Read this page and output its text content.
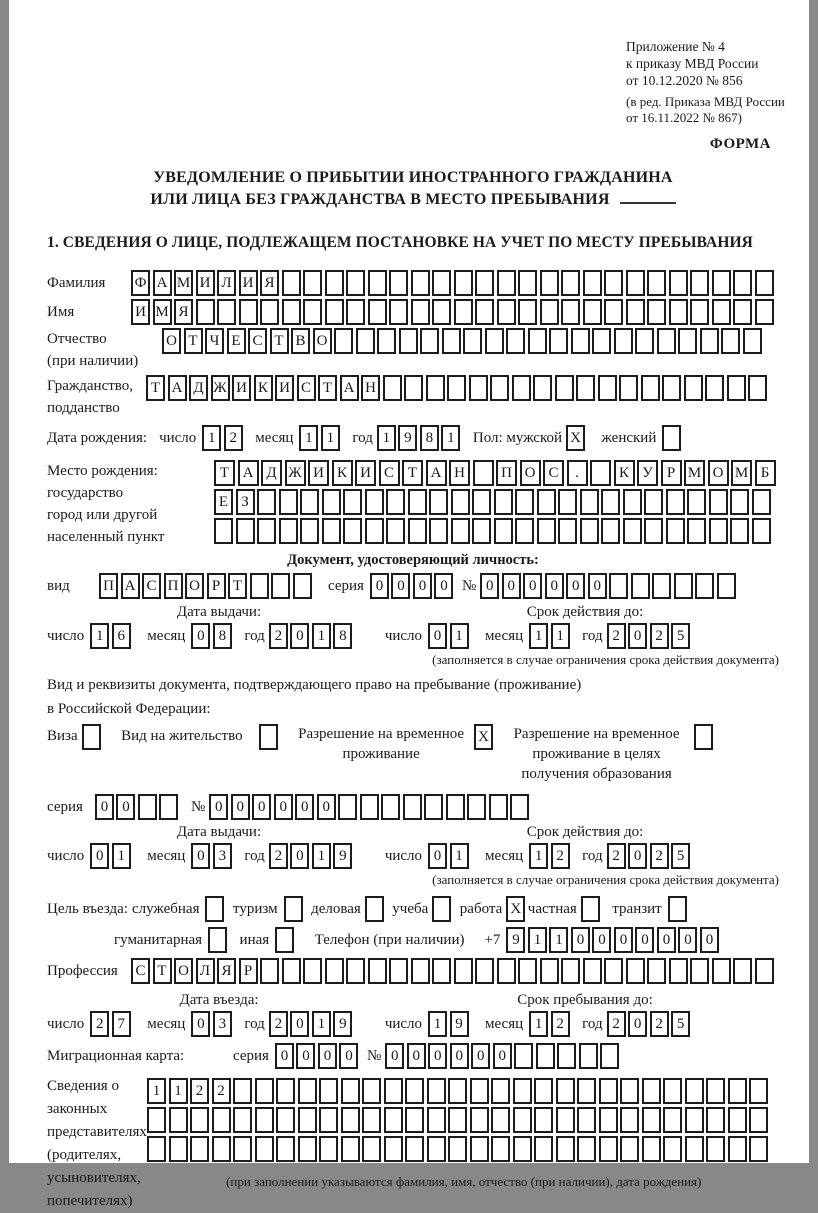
Приложение № 4
к приказу МВД России
от 10.12.2020 № 856
(в ред. Приказа МВД России
от 16.11.2022 № 867)
ФОРМА
УВЕДОМЛЕНИЕ О ПРИБЫТИИ ИНОСТРАННОГО ГРАЖДАНИНА
ИЛИ ЛИЦА БЕЗ ГРАЖДАНСТВА В МЕСТО ПРЕБЫВАНИЯ
1. СВЕДЕНИЯ О ЛИЦЕ, ПОДЛЕЖАЩЕМ ПОСТАНОВКЕ НА УЧЕТ ПО МЕСТУ ПРЕБЫВАНИЯ
Фамилия	Ф А М И Л И Я
Имя	И М Я
Отчество
(при наличии)
О Т Ч Е С Т В О
Гражданство,
подданство
Т А Д Ж И К И С Т А Н
Дата рождения: число 1 2	месяц 1 1	год 1 9 8 1	Пол: мужской X женский
Место рождения:
государство
город или другой
населенный пункт
Т А Д Ж И К И С Т А Н	П О С	.	К У Р М О М Б
Е З
Документ, удостоверяющий личность:
вид	П А С П О Р Т	серия 0 0 0 0 № 0 0 0 0 0 0
Дата выдачи:	Срок действия до:
число 1 6	месяц 0 8	год 2 0 1 8	число 0 1	месяц 1 1	год 2 0 2 5
(заполняется в случае ограничения срока действия документа)
Вид и реквизиты документа, подтверждающего право на пребывание (проживание)
в Российской Федерации:
Виза	Вид на жительство	Разрешение на временное
проживание
X Разрешение на временное
проживание в целях
получения образования
серия	0 0	№ 0 0 0 0 0 0
Дата выдачи:	Срок действия до:
число 0 1	месяц 0 3	год 2 0 1 9	число 0 1	месяц 1 2	год 2 0 2 5
(заполняется в случае ограничения срока действия документа)
Цель въезда: служебная туризм деловая учеба работа X частная транзит
гуманитарная	иная	Телефон (при наличии) +7 9 1 1 0 0 0 0 0 0 0
Профессия	С Т О Л Я Р
Дата въезда:	Срок пребывания до:
число 2 7	месяц 0 3	год 2 0 1 9	число 1 9	месяц 1 2	год 2 0 2 5
Миграционная карта:	серия 0 0 0 0 № 0 0 0 0 0 0
Сведения о
законных
представителях
(родителях,
усыновителях,
попечителях)
1 1 2 2
(при заполнении указываются фамилия, имя, отчество (при наличии), дата рождения)
